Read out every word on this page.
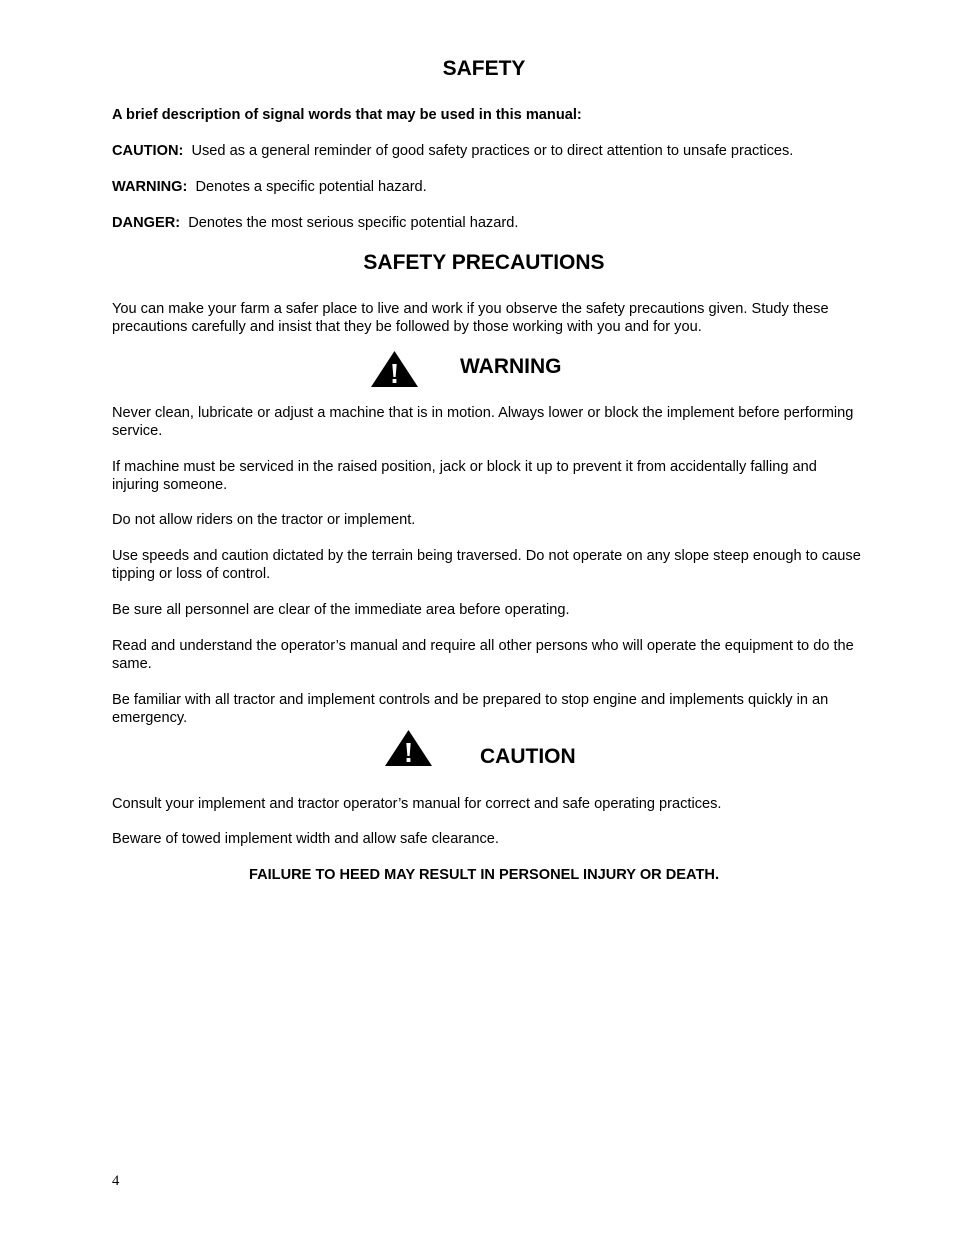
SAFETY
A brief description of signal words that may be used in this manual:
CAUTION: Used as a general reminder of good safety practices or to direct attention to unsafe practices.
WARNING: Denotes a specific potential hazard.
DANGER: Denotes the most serious specific potential hazard.
SAFETY PRECAUTIONS
You can make your farm a safer place to live and work if you observe the safety precautions given. Study these precautions carefully and insist that they be followed by those working with you and for you.
WARNING
Never clean, lubricate or adjust a machine that is in motion. Always lower or block the implement before performing service.
If machine must be serviced in the raised position, jack or block it up to prevent it from accidentally falling and injuring someone.
Do not allow riders on the tractor or implement.
Use speeds and caution dictated by the terrain being traversed. Do not operate on any slope steep enough to cause tipping or loss of control.
Be sure all personnel are clear of the immediate area before operating.
Read and understand the operator’s manual and require all other persons who will operate the equipment to do the same.
Be familiar with all tractor and implement controls and be prepared to stop engine and implements quickly in an emergency.
CAUTION
Consult your implement and tractor operator’s manual for correct and safe operating practices.
Beware of towed implement width and allow safe clearance.
FAILURE TO HEED MAY RESULT IN PERSONEL INJURY OR DEATH.
4
